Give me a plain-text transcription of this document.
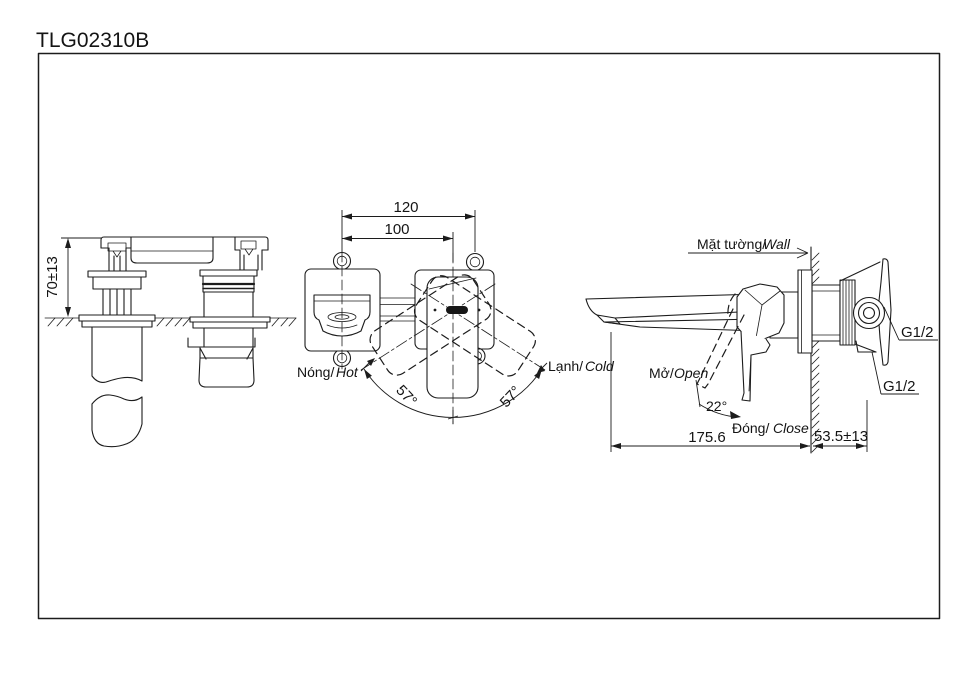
TLG02310B
70±13
120
100
57°	57°
Nóng/ Hot	Lạnh/ Cold
Mặt tường/
Wall
22°
Mở/ Open
Đóng/ Close
175.6	53.5±13
G1/2
G1/2
